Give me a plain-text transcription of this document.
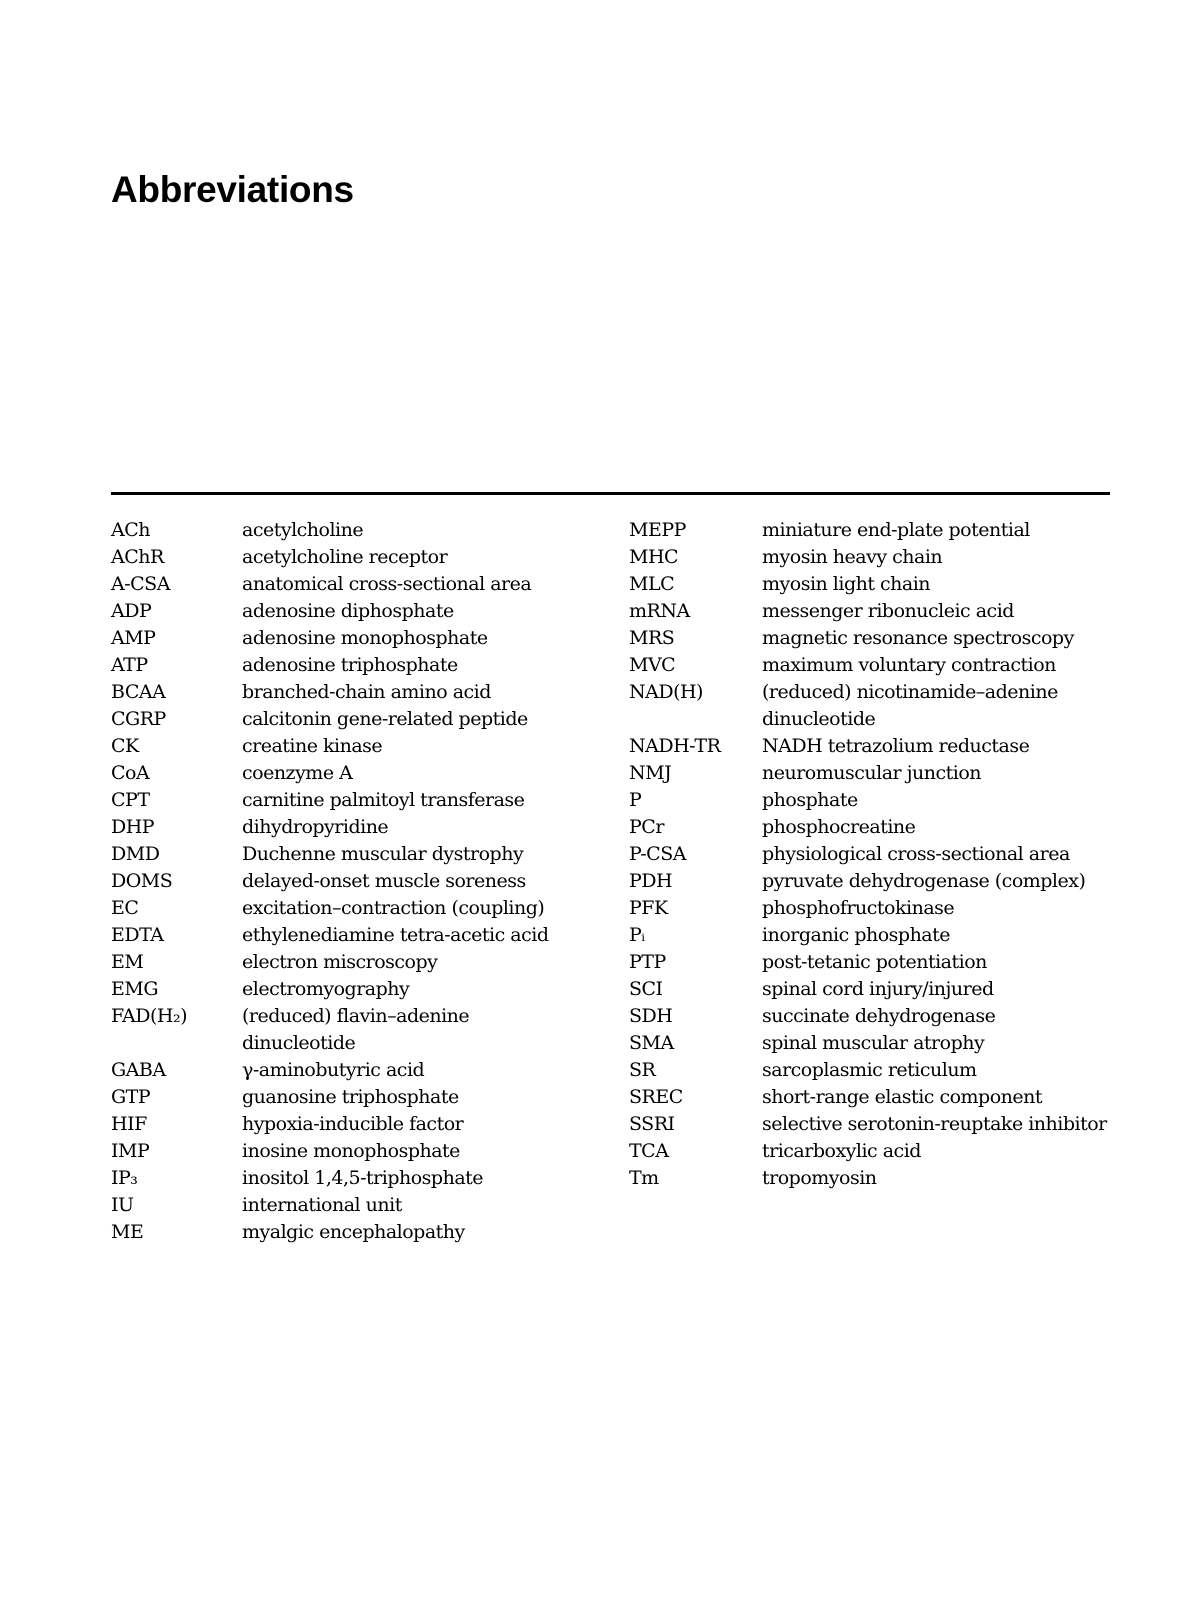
Abbreviations
ACh	acetylcholine
AChR	acetylcholine receptor
A-CSA	anatomical cross-sectional area
ADP	adenosine diphosphate
AMP	adenosine monophosphate
ATP	adenosine triphosphate
BCAA	branched-chain amino acid
CGRP	calcitonin gene-related peptide
CK	creatine kinase
CoA	coenzyme A
CPT	carnitine palmitoyl transferase
DHP	dihydropyridine
DMD	Duchenne muscular dystrophy
DOMS	delayed-onset muscle soreness
EC	excitation–contraction (coupling)
EDTA	ethylenediamine tetra-acetic acid
EM	electron miscroscopy
EMG	electromyography
FAD(H₂)	(reduced) flavin–adenine dinucleotide
GABA	γ-aminobutyric acid
GTP	guanosine triphosphate
HIF	hypoxia-inducible factor
IMP	inosine monophosphate
IP₃	inositol 1,4,5-triphosphate
IU	international unit
ME	myalgic encephalopathy
MEPP	miniature end-plate potential
MHC	myosin heavy chain
MLC	myosin light chain
mRNA	messenger ribonucleic acid
MRS	magnetic resonance spectroscopy
MVC	maximum voluntary contraction
NAD(H)	(reduced) nicotinamide–adenine dinucleotide
NADH-TR	NADH tetrazolium reductase
NMJ	neuromuscular junction
P	phosphate
PCr	phosphocreatine
P-CSA	physiological cross-sectional area
PDH	pyruvate dehydrogenase (complex)
PFK	phosphofructokinase
Pᵢ	inorganic phosphate
PTP	post-tetanic potentiation
SCI	spinal cord injury/injured
SDH	succinate dehydrogenase
SMA	spinal muscular atrophy
SR	sarcoplasmic reticulum
SREC	short-range elastic component
SSRI	selective serotonin-reuptake inhibitor
TCA	tricarboxylic acid
Tm	tropomyosin
